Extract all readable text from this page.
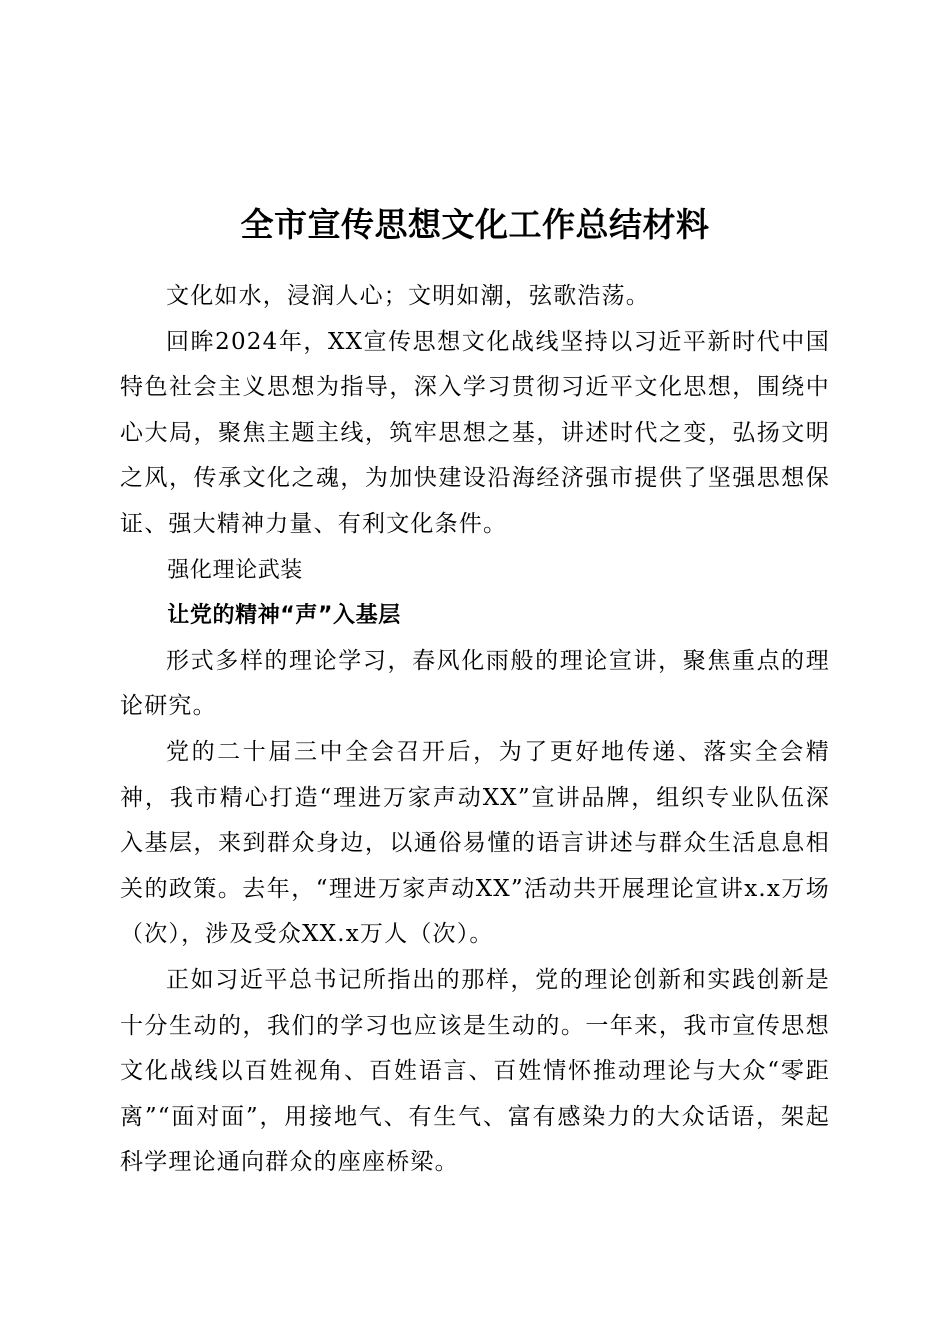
全市宣传思想文化工作总结材料

文化如水，浸润人心；文明如潮，弦歌浩荡。

回眸2024年，XX宣传思想文化战线坚持以习近平新时代中国特色社会主义思想为指导，深入学习贯彻习近平文化思想，围绕中心大局，聚焦主题主线，筑牢思想之基，讲述时代之变，弘扬文明之风，传承文化之魂，为加快建设沿海经济强市提供了坚强思想保证、强大精神力量、有利文化条件。

强化理论武装

让党的精神“声”入基层

形式多样的理论学习，春风化雨般的理论宣讲，聚焦重点的理论研究。

党的二十届三中全会召开后，为了更好地传递、落实全会精神，我市精心打造“理进万家声动XX”宣讲品牌，组织专业队伍深入基层，来到群众身边，以通俗易懂的语言讲述与群众生活息息相关的政策。去年，“理进万家声动XX”活动共开展理论宣讲x.x万场（次），涉及受众XX.x万人（次）。

正如习近平总书记所指出的那样，党的理论创新和实践创新是十分生动的，我们的学习也应该是生动的。一年来，我市宣传思想文化战线以百姓视角、百姓语言、百姓情怀推动理论与大众“零距离”“面对面”，用接地气、有生气、富有感染力的大众话语，架起科学理论通向群众的座座桥梁。
